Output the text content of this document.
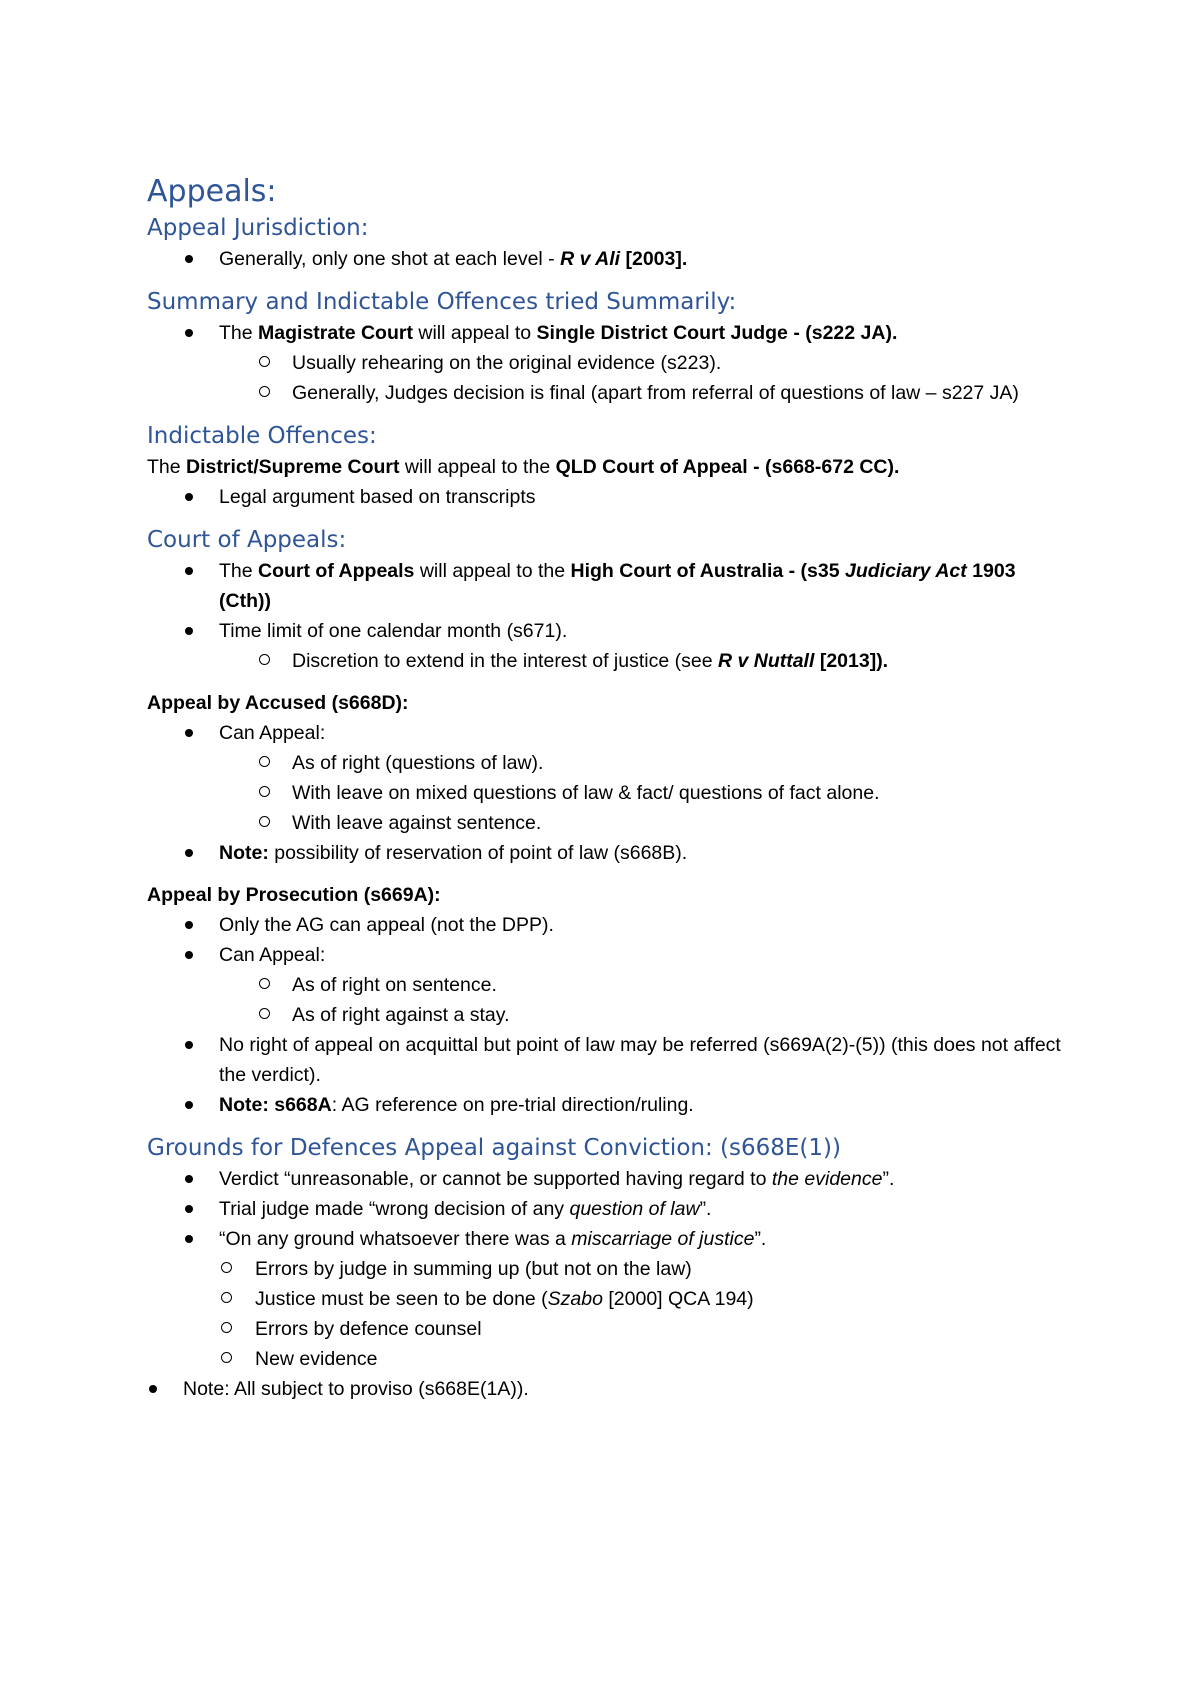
Appeals:
Appeal Jurisdiction:
Generally, only one shot at each level - R v Ali [2003].
Summary and Indictable Offences tried Summarily:
The Magistrate Court will appeal to Single District Court Judge - (s222 JA).
Usually rehearing on the original evidence (s223).
Generally, Judges decision is final (apart from referral of questions of law – s227 JA)
Indictable Offences:
The District/Supreme Court will appeal to the QLD Court of Appeal - (s668-672 CC).
Legal argument based on transcripts
Court of Appeals:
The Court of Appeals will appeal to the High Court of Australia - (s35 Judiciary Act 1903 (Cth))
Time limit of one calendar month (s671).
Discretion to extend in the interest of justice (see R v Nuttall [2013]).
Appeal by Accused (s668D):
Can Appeal:
As of right (questions of law).
With leave on mixed questions of law & fact/ questions of fact alone.
With leave against sentence.
Note: possibility of reservation of point of law (s668B).
Appeal by Prosecution (s669A):
Only the AG can appeal (not the DPP).
Can Appeal:
As of right on sentence.
As of right against a stay.
No right of appeal on acquittal but point of law may be referred (s669A(2)-(5)) (this does not affect the verdict).
Note: s668A: AG reference on pre-trial direction/ruling.
Grounds for Defences Appeal against Conviction: (s668E(1))
Verdict “unreasonable, or cannot be supported having regard to the evidence”.
Trial judge made “wrong decision of any question of law”.
“On any ground whatsoever there was a miscarriage of justice”.
Errors by judge in summing up (but not on the law)
Justice must be seen to be done (Szabo [2000] QCA 194)
Errors by defence counsel
New evidence
Note: All subject to proviso (s668E(1A)).
